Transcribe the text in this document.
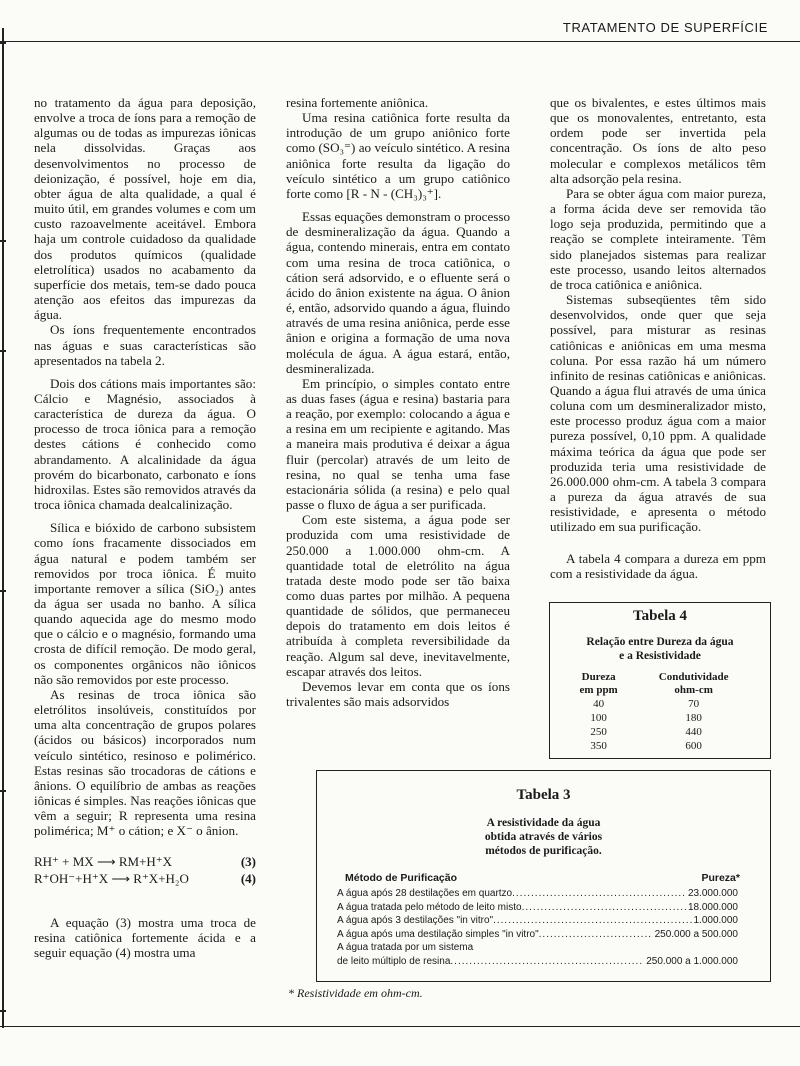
TRATAMENTO DE SUPERFÍCIE

no tratamento da água para deposição, envolve a troca de íons para a remoção de algumas ou de todas as impurezas iônicas nela dissolvidas. Graças aos desenvolvimentos no processo de deionização, é possível, hoje em dia, obter água de alta qualidade, a qual é muito útil, em grandes volumes e com um custo razoavelmente aceitável. Embora haja um controle cuidadoso da qualidade dos produtos químicos (qualidade eletrolítica) usados no acabamento da superfície dos metais, tem-se dado pouca atenção aos efeitos das impurezas da água.

Os íons frequentemente encontrados nas águas e suas características são apresentados na tabela 2.

Dois dos cátions mais importantes são: Cálcio e Magnésio, associados à característica de dureza da água. O processo de troca iônica para a remoção destes cátions é conhecido como abrandamento. A alcalinidade da água provém do bicarbonato, carbonato e íons hidroxilas. Estes são removidos através da troca iônica chamada dealcalinização.

Sílica e bióxido de carbono subsistem como íons fracamente dissociados em água natural e podem também ser removidos por troca iônica. É muito importante remover a sílica (SiO₂) antes da água ser usada no banho. A sílica quando aquecida age do mesmo modo que o cálcio e o magnésio, formando uma crosta de difícil remoção. De modo geral, os componentes orgânicos não iônicos não são removidos por este processo.

As resinas de troca iônica são eletrólitos insolúveis, constituídos por uma alta concentração de grupos polares (ácidos ou básicos) incorporados num veículo sintético, resinoso e polimérico. Estas resinas são trocadoras de cátions e ânions. O equilíbrio de ambas as reações iônicas é simples. Nas reações iônicas que vêm a seguir; R representa uma resina polimérica; M⁺ o cátion; e X⁻ o ânion.

RH⁺ + MX ⟶ RM+H⁺X	(3)
R⁺OH⁻+H⁺X ⟶ R⁺X+H₂O	(4)

A equação (3) mostra uma troca de resina catiônica fortemente ácida e a seguir equação (4) mostra uma

resina fortemente aniônica.

Uma resina catiônica forte resulta da introdução de um grupo aniônico forte como (SO₃⁼) ao veículo sintético. A resina aniônica forte resulta da ligação do veículo sintético a um grupo catiônico forte como [R - N - (CH₃)₃⁺].

Essas equações demonstram o processo de desmineralização da água. Quando a água, contendo minerais, entra em contato com uma resina de troca catiônica, o cátion será adsorvido, e o efluente será o ácido do ânion existente na água. O ânion é, então, adsorvido quando a água, fluindo através de uma resina aniônica, perde esse ânion e origina a formação de uma nova molécula de água. A água estará, então, desmineralizada.

Em princípio, o simples contato entre as duas fases (água e resina) bastaria para a reação, por exemplo: colocando a água e a resina em um recipiente e agitando. Mas a maneira mais produtiva é deixar a água fluir (percolar) através de um leito de resina, no qual se tenha uma fase estacionária sólida (a resina) e pelo qual passe o fluxo de água a ser purificada.

Com este sistema, a água pode ser produzida com uma resistividade de 250.000 a 1.000.000 ohm-cm. A quantidade total de eletrólito na água tratada deste modo pode ser tão baixa como duas partes por milhão. A pequena quantidade de sólidos, que permaneceu depois do tratamento em dois leitos é atribuída à completa reversibilidade da reação. Algum sal deve, inevitavelmente, escapar através dos leitos.

Devemos levar em conta que os íons trivalentes são mais adsorvidos

que os bivalentes, e estes últimos mais que os monovalentes, entretanto, esta ordem pode ser invertida pela concentração. Os íons de alto peso molecular e complexos metálicos têm alta adsorção pela resina.

Para se obter água com maior pureza, a forma ácida deve ser removida tão logo seja produzida, permitindo que a reação se complete inteiramente. Têm sido planejados sistemas para realizar este processo, usando leitos alternados de troca catiônica e aniônica.

Sistemas subseqüentes têm sido desenvolvidos, onde quer que seja possível, para misturar as resinas catiônicas e aniônicas em uma mesma coluna. Por essa razão há um número infinito de resinas catiônicas e aniônicas. Quando a água flui através de uma única coluna com um desmineralizador misto, este processo produz água com a maior pureza possível, 0,10 ppm. A qualidade máxima teórica da água que pode ser produzida teria uma resistividade de 26.000.000 ohm-cm. A tabela 3 compara a pureza da água através de sua resistividade, e apresenta o método utilizado em sua purificação.

A tabela 4 compara a dureza em ppm com a resistividade da água.

Tabela 4
Relação entre Dureza da água
e a Resistividade
Dureza	Condutividade
em ppm	ohm-cm
40	70
100	180
250	440
350	600
Tabela 3
A resistividade da água
obtida através de vários
métodos de purificação.
Método de Purificação	Pureza*
A água após 28 destilações em quartzo .....	23.000.000
A água tratada pelo método de leito misto .....	18.000.000
A água após 3 destilações "in vitro" .....	1.000.000
A água após uma destilação simples "in vitro" .....	250.000 a 500.000
A água tratada por um sistema
de leito múltiplo de resina .....	250.000 a 1.000.000
* Resistividade em ohm-cm.
